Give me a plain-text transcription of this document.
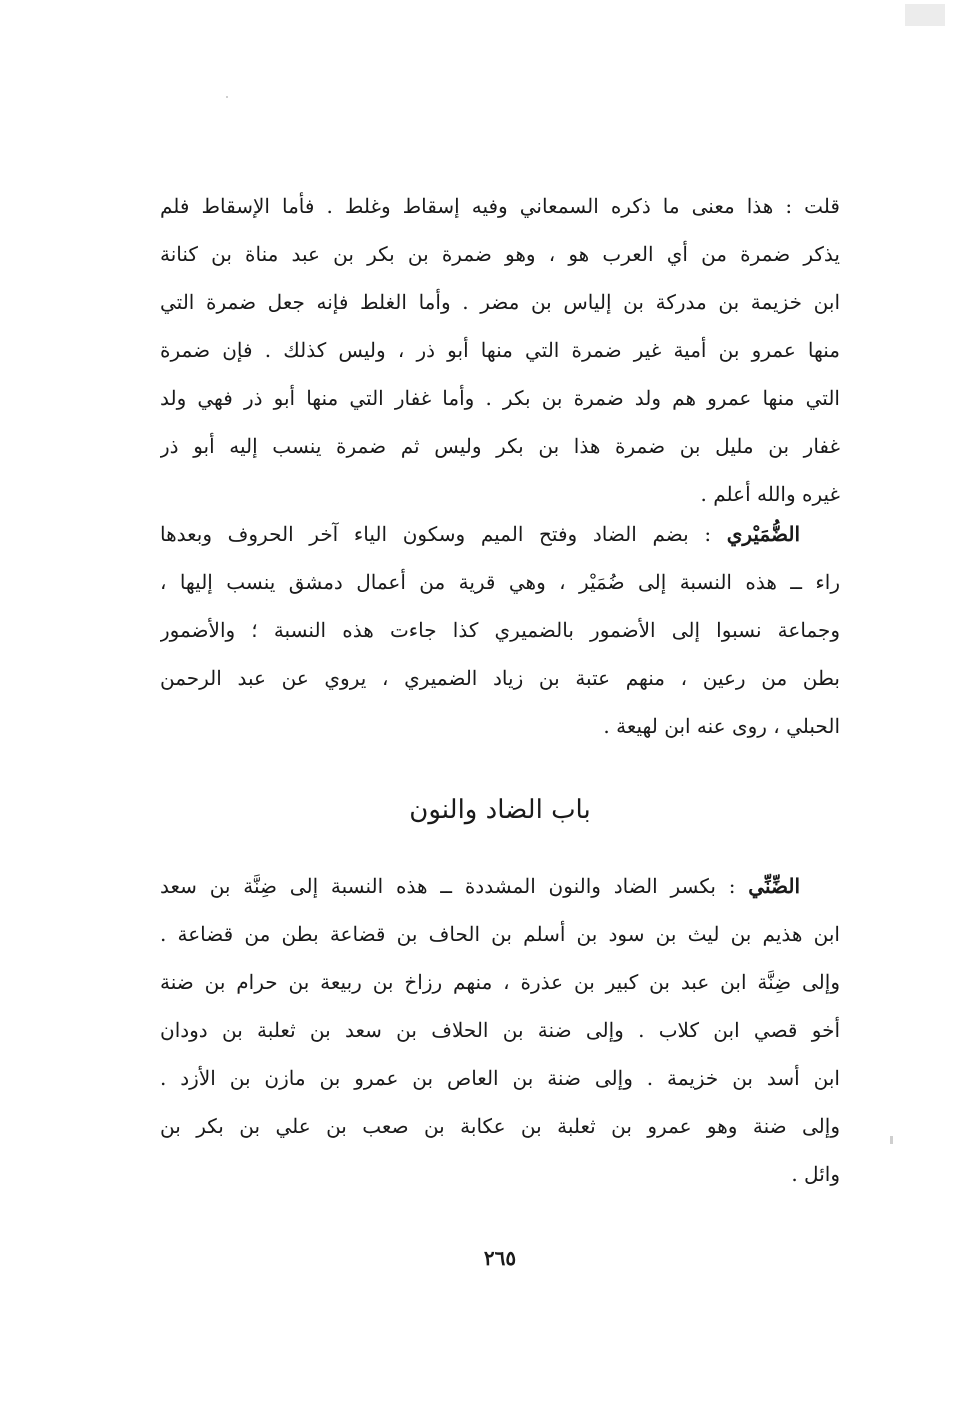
قلت : هذا معنى ما ذكره السمعاني وفيه إسقاط وغلط . فأما الإسقاط فلم
يذكر ضمرة من أي العرب هو ، وهو ضمرة بن بكر بن عبد مناة بن كنانة
ابن خزيمة بن مدركة بن إلياس بن مضر . وأما الغلط فإنه جعل ضمرة التي
منها عمرو بن أمية غير ضمرة التي منها أبو ذر ، وليس كذلك . فإن ضمرة
التي منها عمرو هم ولد ضمرة بن بكر . وأما غفار التي منها أبو ذر فهي ولد
غفار بن مليل بن ضمرة هذا بن بكر وليس ثم ضمرة ينسب إليه أبو ذر
غيره والله أعلم .
الضُّمَيْري : بضم الضاد وفتح الميم وسكون الياء آخر الحروف وبعدها
راء ــ هذه النسبة إلى ضُمَيْر ، وهي قرية من أعمال دمشق ينسب إليها ،
وجماعة نسبوا إلى الأضمور بالضميري كذا جاءت هذه النسبة ؛ والأضمور
بطن من رعين ، منهم عتبة بن زياد الضميري ، يروي عن عبد الرحمن
الحبلي ، روى عنه ابن لهيعة .
باب الضاد والنون
الضِّنِّي : بكسر الضاد والنون المشددة ــ هذه النسبة إلى ضِنَّة بن سعد
ابن هذيم بن ليث بن سود بن أسلم بن الحاف بن قضاعة بطن من قضاعة .
وإلى ضِنَّة ابن عبد بن كبير بن عذرة ، منهم رزاخ بن ربيعة بن حرام بن ضنة
أخو قصي ابن كلاب . وإلى ضنة بن الحلاف بن سعد بن ثعلبة بن دودان
ابن أسد بن خزيمة . وإلى ضنة بن العاص بن عمرو بن مازن بن الأزد .
وإلى ضنة وهو عمرو بن ثعلبة بن عكابة بن صعب بن علي بن بكر بن
وائل .
٢٦٥
